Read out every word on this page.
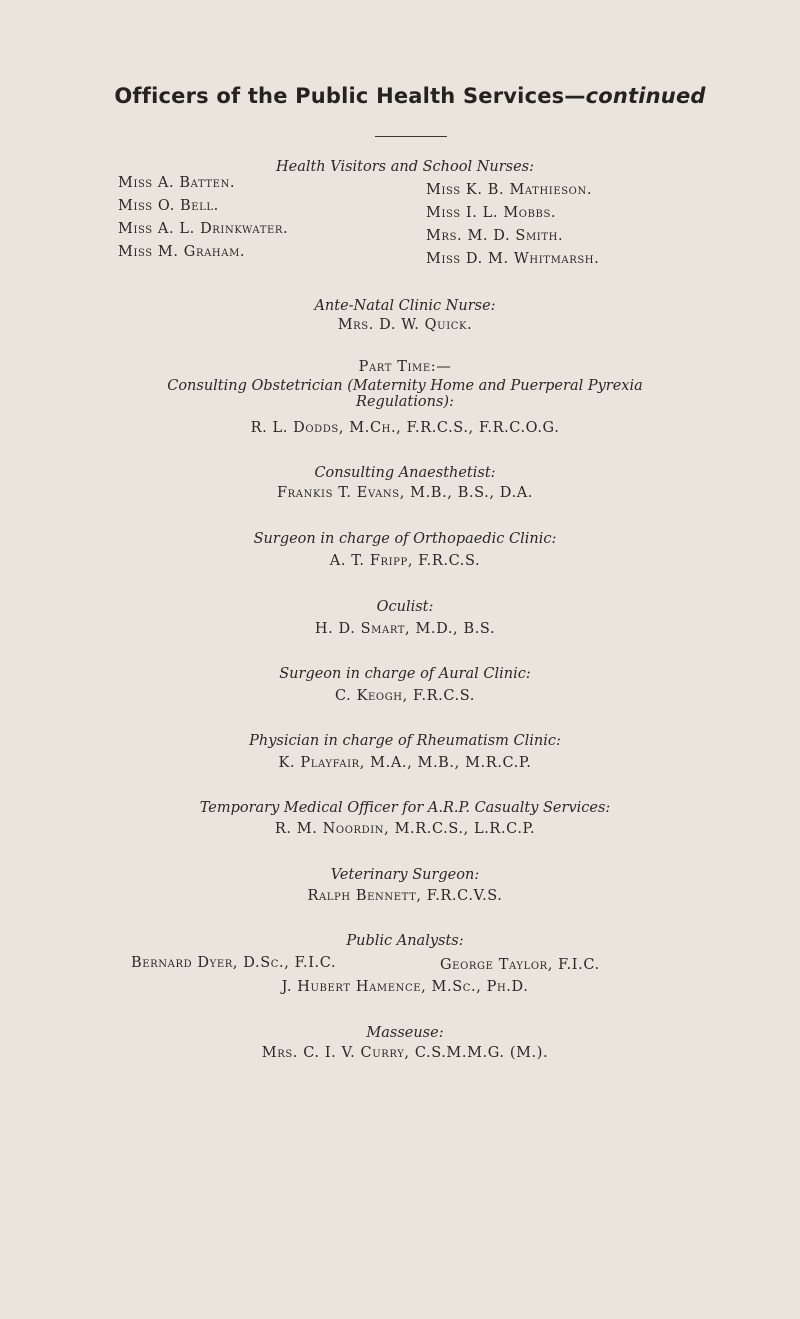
Officers of the Public Health Services—continued
Health Visitors and School Nurses:
Miss A. Batten.
Miss O. Bell.
Miss A. L. Drinkwater.
Miss M. Graham.
Miss K. B. Mathieson.
Miss I. L. Mobbs.
Mrs. M. D. Smith.
Miss D. M. Whitmarsh.
Ante-Natal Clinic Nurse:
Mrs. D. W. Quick.
Part Time:—
Consulting Obstetrician (Maternity Home and Puerperal Pyrexia
Regulations):
R. L. Dodds, M.Ch., F.R.C.S., F.R.C.O.G.
Consulting Anaesthetist:
Frankis T. Evans, M.B., B.S., D.A.
Surgeon in charge of Orthopaedic Clinic:
A. T. Fripp, F.R.C.S.
Oculist:
H. D. Smart, M.D., B.S.
Surgeon in charge of Aural Clinic:
C. Keogh, F.R.C.S.
Physician in charge of Rheumatism Clinic:
K. Playfair, M.A., M.B., M.R.C.P.
Temporary Medical Officer for A.R.P. Casualty Services:
R. M. Noordin, M.R.C.S., L.R.C.P.
Veterinary Surgeon:
Ralph Bennett, F.R.C.V.S.
Public Analysts:
Bernard Dyer, D.Sc., F.I.C.	George Taylor, F.I.C.
J. Hubert Hamence, M.Sc., Ph.D.
Masseuse:
Mrs. C. I. V. Curry, C.S.M.M.G. (M.).
